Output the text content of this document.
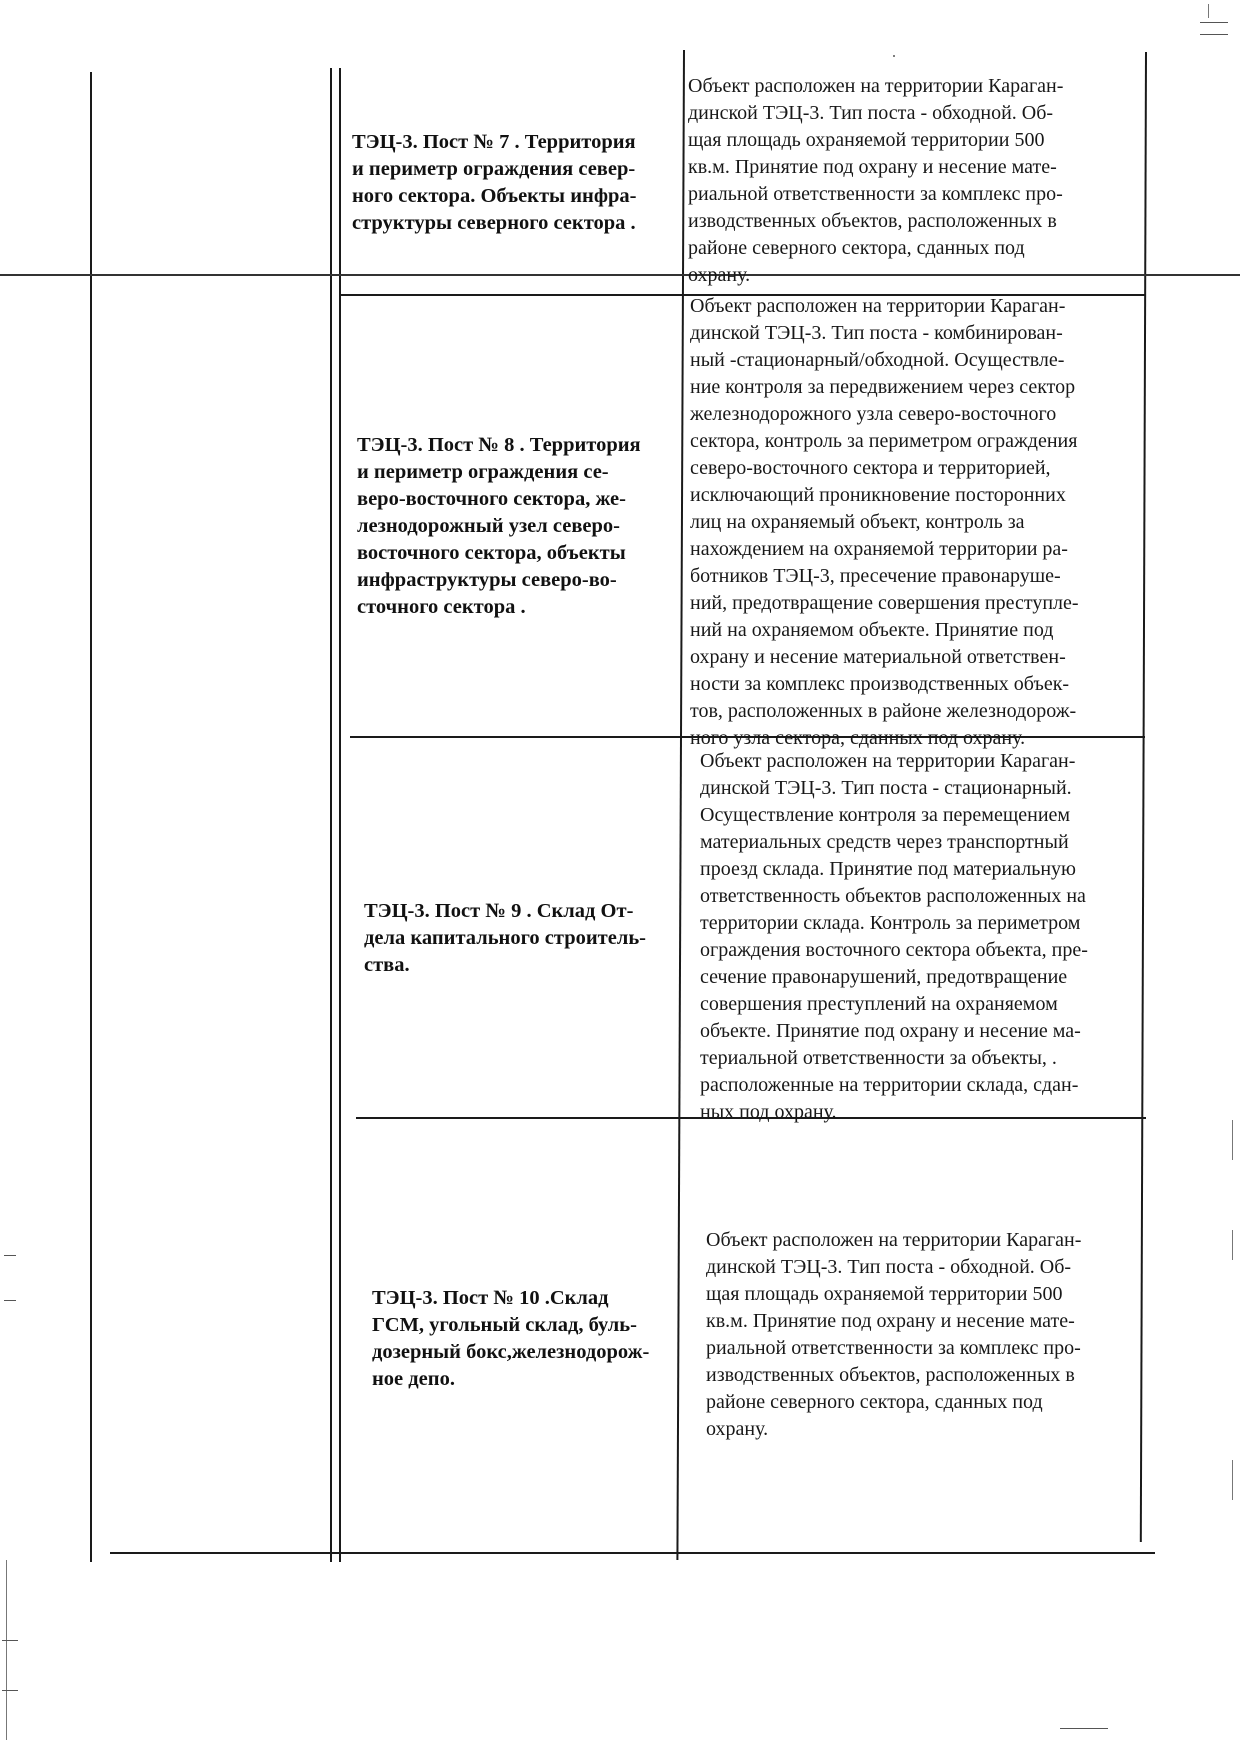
ТЭЦ-3. Пост № 7 . Территория
и периметр ограждения север-
ного сектора. Объекты инфра-
структуры северного сектора .
Объект расположен на территории Караган-
динской ТЭЦ-3. Тип поста - обходной. Об-
щая площадь охраняемой территории 500
кв.м. Принятие под охрану и несение мате-
риальной ответственности за комплекс про-
изводственных объектов, расположенных в
районе северного сектора, сданных под
охрану.
ТЭЦ-3. Пост № 8 . Территория
и периметр ограждения се-
веро-восточного сектора, же-
лезнодорожный узел северо-
восточного сектора, объекты
инфраструктуры северо-во-
сточного сектора .
Объект расположен на территории Караган-
динской ТЭЦ-3. Тип поста - комбинирован-
ный -стационарный/обходной. Осуществле-
ние контроля за передвижением через сектор
железнодорожного узла северо-восточного
сектора, контроль за периметром ограждения
северо-восточного сектора и территорией,
исключающий проникновение посторонних
лиц на охраняемый объект, контроль за
нахождением на охраняемой территории ра-
ботников ТЭЦ-3, пресечение правонаруше-
ний, предотвращение совершения преступле-
ний на охраняемом объекте. Принятие под
охрану и несение материальной ответствен-
ности за комплекс производственных объек-
тов, расположенных в районе железнодорож-
ного узла сектора, сданных под охрану.
ТЭЦ-3. Пост № 9 . Склад От-
дела капитального строитель-
ства.
Объект расположен на территории Караган-
динской ТЭЦ-3. Тип поста - стационарный.
Осуществление контроля за перемещением
материальных средств через транспортный
проезд склада. Принятие под материальную
ответственность объектов расположенных на
территории склада. Контроль за периметром
ограждения восточного сектора объекта, пре-
сечение правонарушений, предотвращение
совершения преступлений на охраняемом
объекте. Принятие под охрану и несение ма-
териальной ответственности за объекты, .
расположенные на территории склада, сдан-
ных под охрану.
ТЭЦ-3. Пост № 10 .Склад
ГСМ, угольный склад, буль-
дозерный бокс,железнодорож-
ное депо.
Объект расположен на территории Караган-
динской ТЭЦ-3. Тип поста - обходной. Об-
щая площадь охраняемой территории 500
кв.м. Принятие под охрану и несение мате-
риальной ответственности за комплекс про-
изводственных объектов, расположенных в
районе северного сектора, сданных под
охрану.
